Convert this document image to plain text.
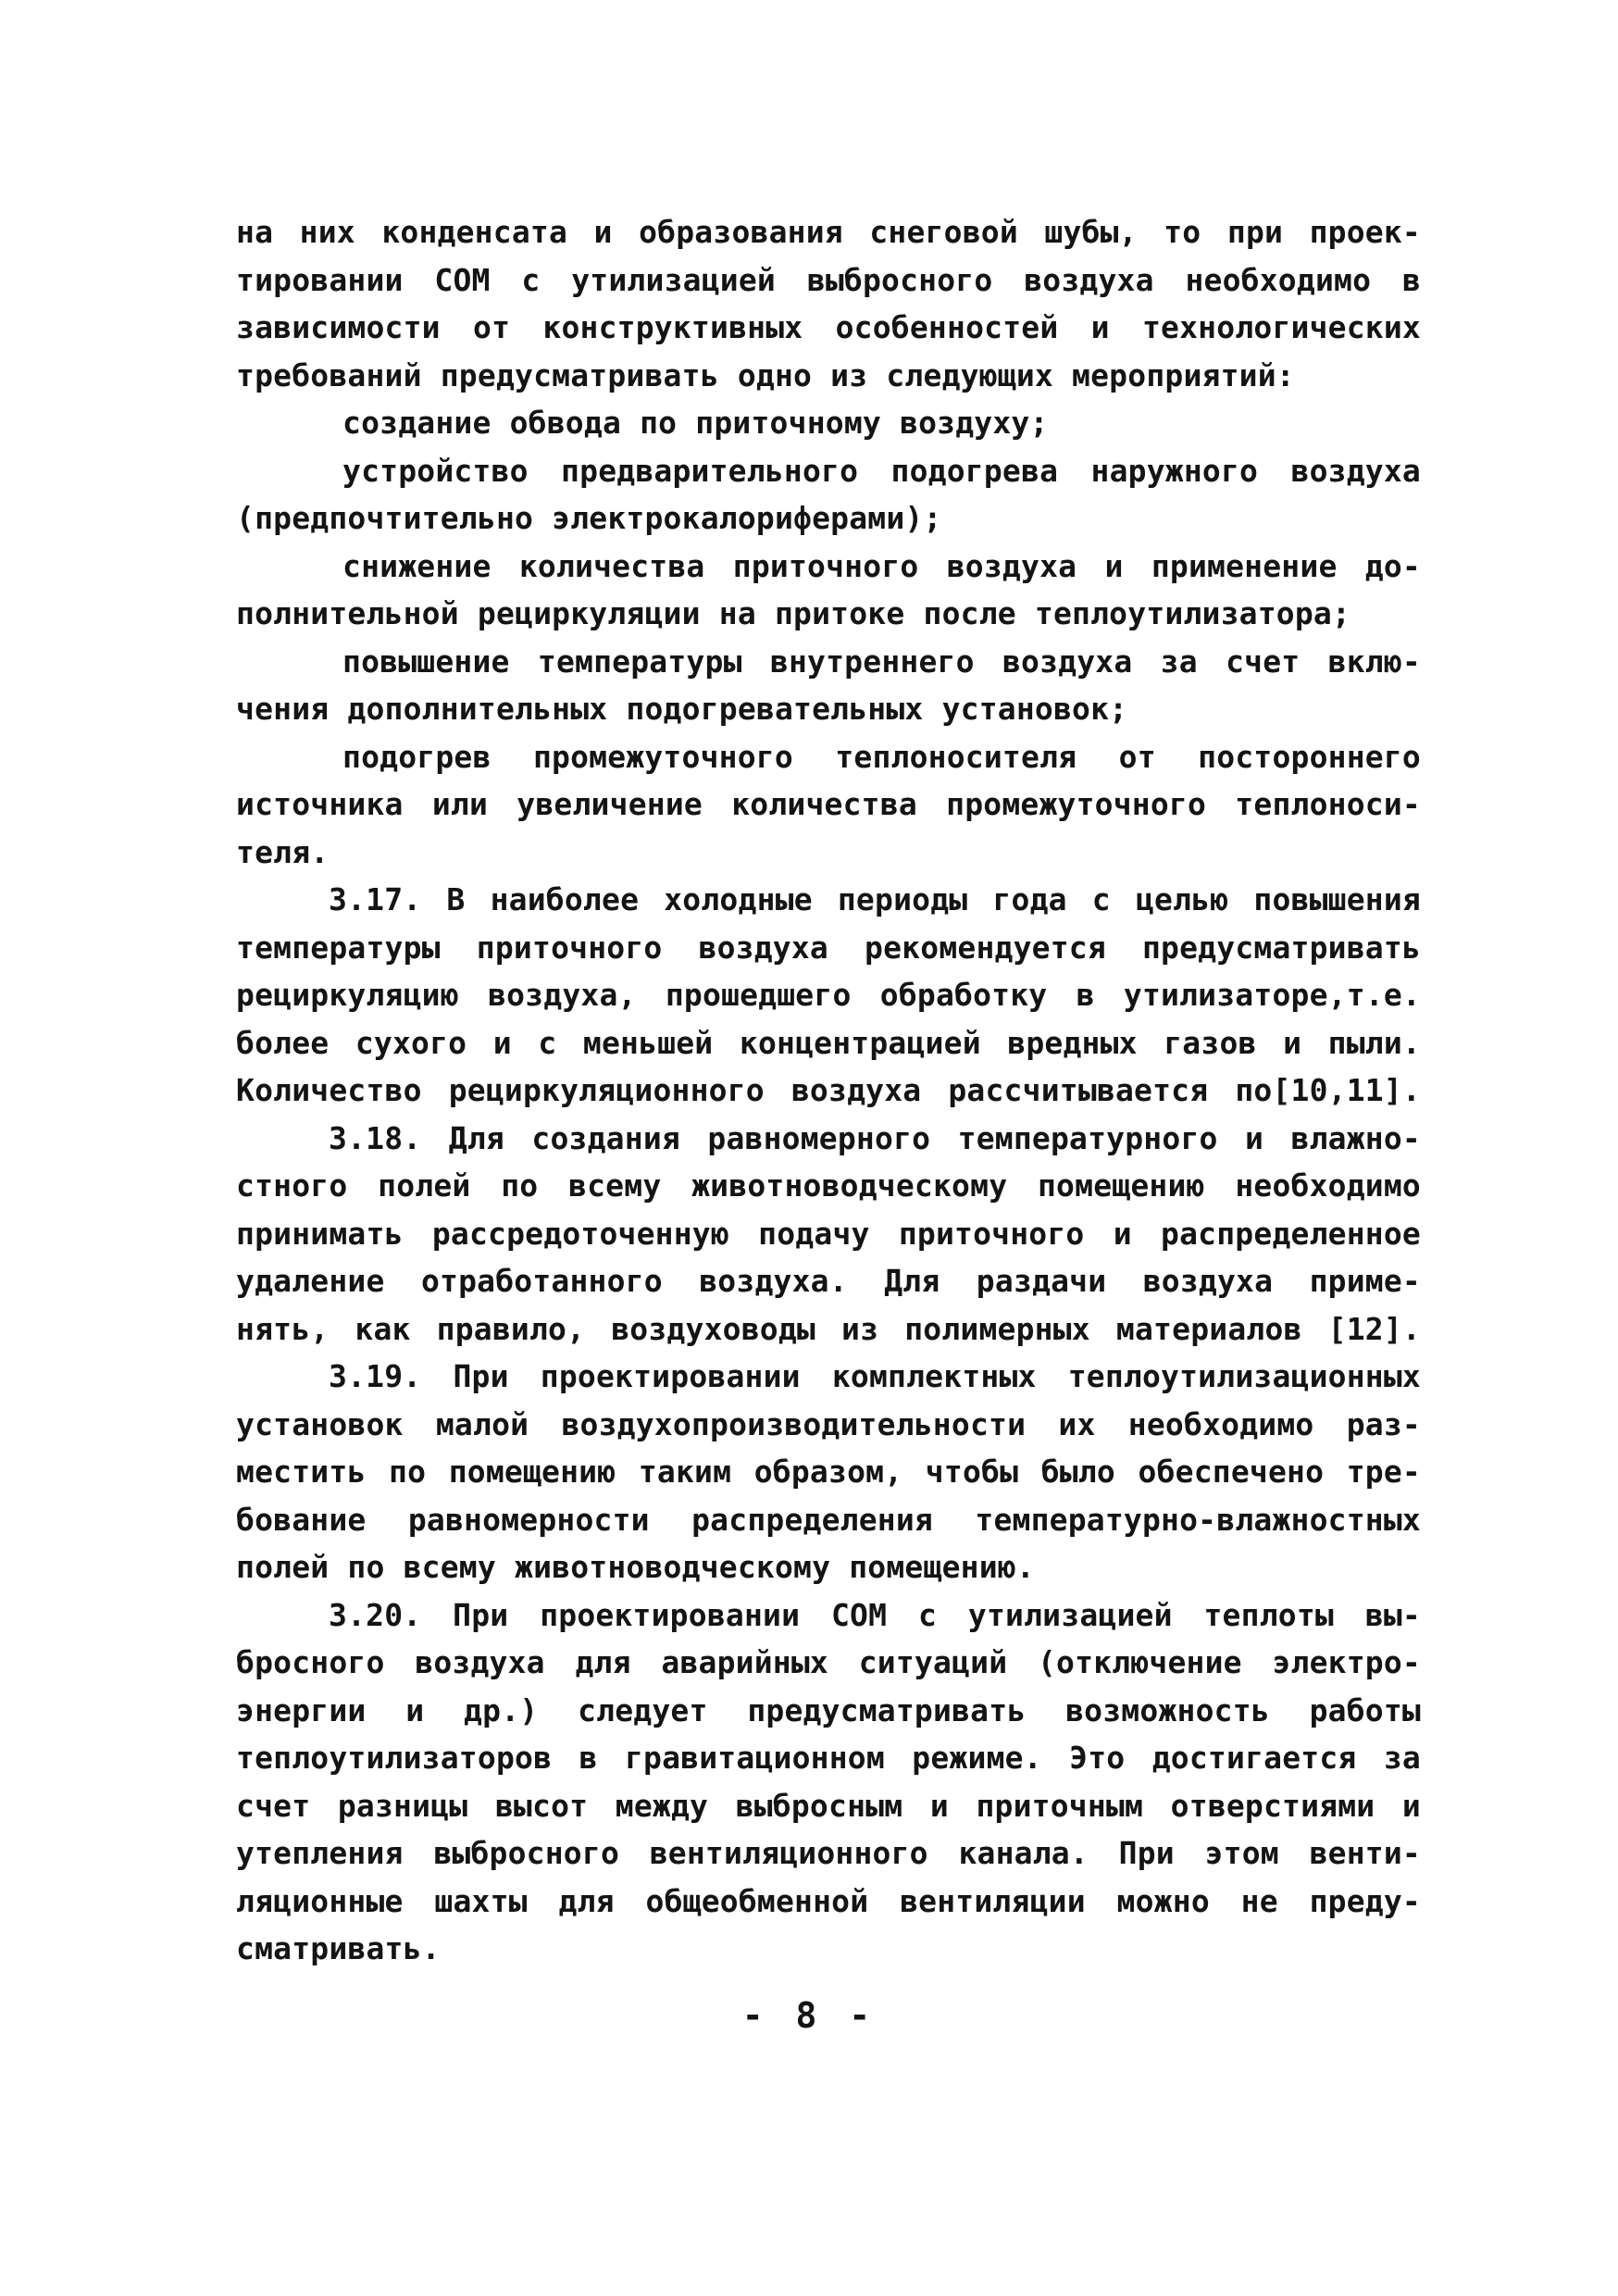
на них конденсата и образования снеговой шубы, то при проек-
тировании СОМ с утилизацией выбросного воздуха необходимо в
зависимости от конструктивных особенностей и технологических
требований предусматривать одно из следующих мероприятий:
создание обвода по приточному воздуху;
устройство предварительного подогрева наружного воздуха
(предпочтительно электрокалориферами);
снижение количества приточного воздуха и применение до-
полнительной рециркуляции на притоке после теплоутилизатора;
повышение температуры внутреннего воздуха за счет вклю-
чения дополнительных подогревательных установок;
подогрев промежуточного теплоносителя от постороннего
источника или увеличение количества промежуточного теплоноси-
теля.
3.17. В наиболее холодные периоды года с целью повышения
температуры приточного воздуха рекомендуется предусматривать
рециркуляцию воздуха, прошедшего обработку в утилизаторе,т.е.
более сухого и с меньшей концентрацией вредных газов и пыли.
Количество рециркуляционного воздуха рассчитывается по[10,11].
3.18. Для создания равномерного температурного и влажно-
стного полей по всему животноводческому помещению необходимо
принимать рассредоточенную подачу приточного и распределенное
удаление отработанного воздуха. Для раздачи воздуха приме-
нять, как правило, воздуховоды из полимерных материалов [12].
3.19. При проектировании комплектных теплоутилизационных
установок малой воздухопроизводительности их необходимо раз-
местить по помещению таким образом, чтобы было обеспечено тре-
бование равномерности распределения температурно-влажностных
полей по всему животноводческому помещению.
3.20. При проектировании СОМ с утилизацией теплоты вы-
бросного воздуха для аварийных ситуаций (отключение электро-
энергии и др.) следует предусматривать возможность работы
теплоутилизаторов в гравитационном режиме. Это достигается за
счет разницы высот между выбросным и приточным отверстиями и
утепления выбросного вентиляционного канала. При этом венти-
ляционные шахты для общеобменной вентиляции можно не преду-
сматривать.
- 8 -
